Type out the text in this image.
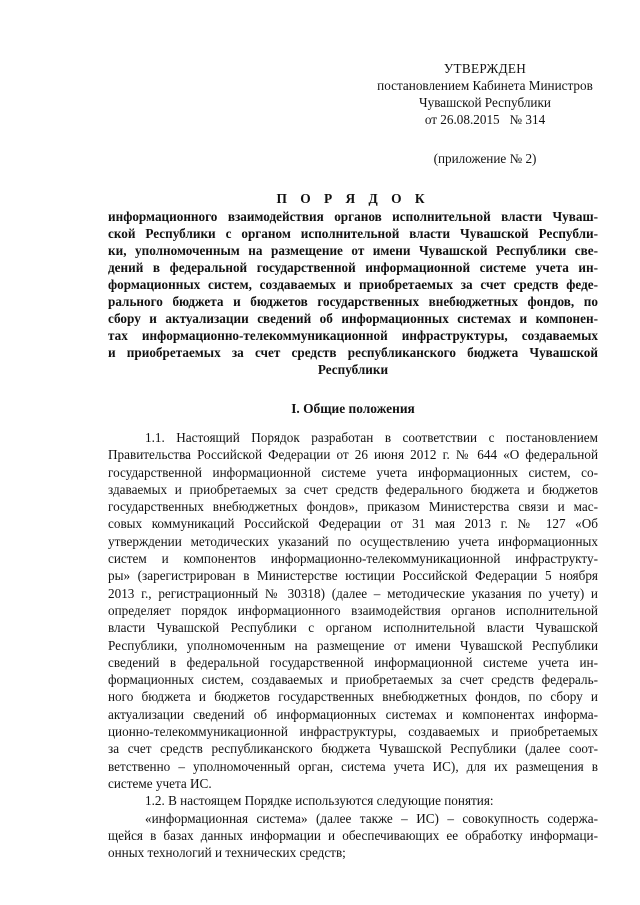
УТВЕРЖДЕН
постановлением Кабинета Министров
Чувашской Республики
от 26.08.2015   № 314
(приложение № 2)
П О Р Я Д О К
информационного взаимодействия органов исполнительной власти Чуваш-
ской Республики с органом исполнительной власти Чувашской Республи-
ки, уполномоченным на размещение от имени Чувашской Республики све-
дений в федеральной государственной информационной системе учета ин-
формационных систем, создаваемых и приобретаемых за счет средств феде-
рального бюджета и бюджетов государственных внебюджетных фондов, по
сбору и актуализации сведений об информационных системах и компонен-
тах информационно-телекоммуникационной инфраструктуры, создаваемых
и приобретаемых за счет средств республиканского бюджета Чувашской
Республики
I. Общие положения
1.1. Настоящий Порядок разработан в соответствии с постановлением
Правительства Российской Федерации от 26 июня 2012 г. № 644 «О федеральной
государственной информационной системе учета информационных систем, со-
здаваемых и приобретаемых за счет средств федерального бюджета и бюджетов
государственных внебюджетных фондов», приказом Министерства связи и мас-
совых коммуникаций Российской Федерации от 31 мая 2013 г. № 127 «Об
утверждении методических указаний по осуществлению учета информационных
систем и компонентов информационно-телекоммуникационной инфраструкту-
ры» (зарегистрирован в Министерстве юстиции Российской Федерации 5 ноября
2013 г., регистрационный № 30318) (далее – методические указания по учету) и
определяет порядок информационного взаимодействия органов исполнительной
власти Чувашской Республики с органом исполнительной власти Чувашской
Республики, уполномоченным на размещение от имени Чувашской Республики
сведений в федеральной государственной информационной системе учета ин-
формационных систем, создаваемых и приобретаемых за счет средств федераль-
ного бюджета и бюджетов государственных внебюджетных фондов, по сбору и
актуализации сведений об информационных системах и компонентах информа-
ционно-телекоммуникационной инфраструктуры, создаваемых и приобретаемых
за счет средств республиканского бюджета Чувашской Республики (далее соот-
ветственно – уполномоченный орган, система учета ИС), для их размещения в
системе учета ИС.
1.2. В настоящем Порядке используются следующие понятия:
«информационная система» (далее также – ИС) – совокупность содержа-
щейся в базах данных информации и обеспечивающих ее обработку информаци-
онных технологий и технических средств;
